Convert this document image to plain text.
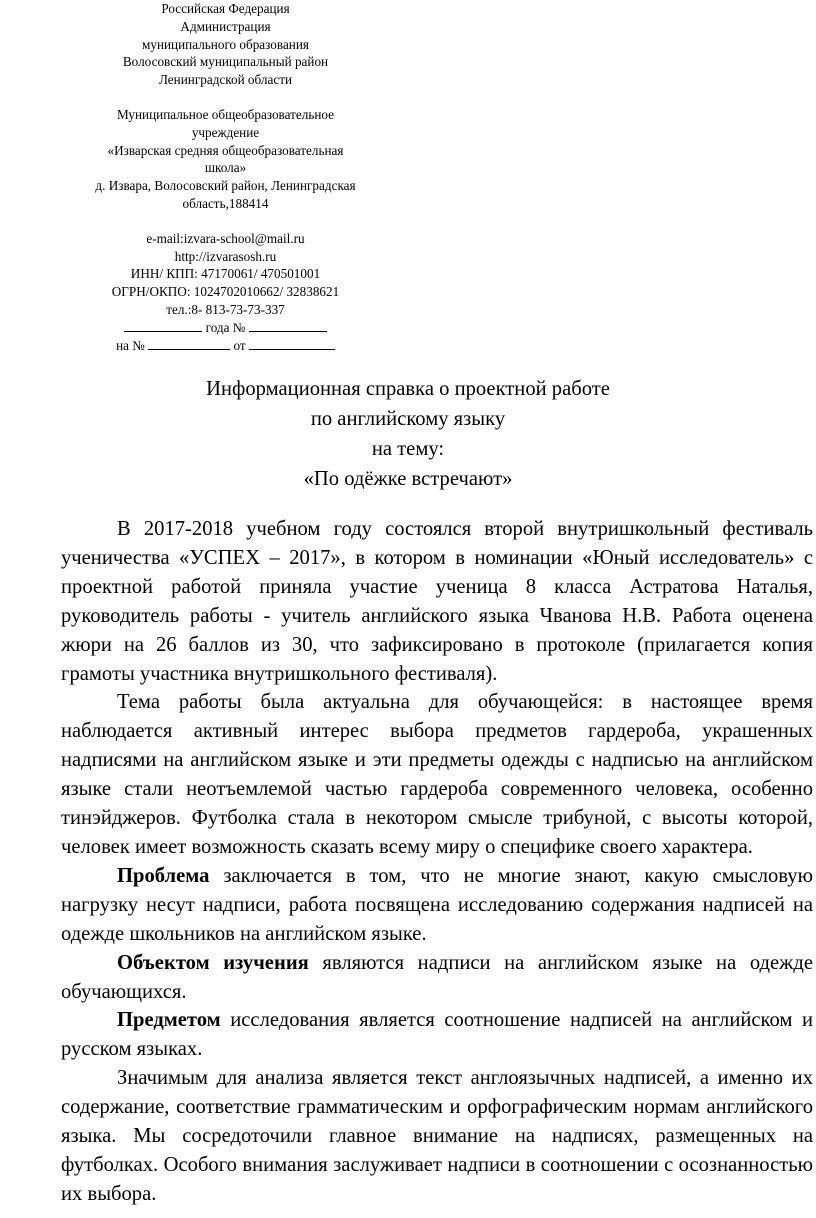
Российская Федерация
Администрация
муниципального образования
Волосовский муниципальный район
Ленинградской области
Муниципальное общеобразовательное учреждение
«Изварская средняя общеобразовательная школа»
д. Извара, Волосовский район, Ленинградская
область,188414
e-mail:izvara-school@mail.ru
http://izvarasosh.ru
ИНН/ КПП: 47170061/ 470501001
ОГРН/ОКПО: 1024702010662/ 32838621
тел.:8- 813-73-73-337
года №
на №	от
Информационная справка о проектной работе
по английскому языку
на тему:
«По одёжке встречают»

В 2017-2018 учебном году состоялся второй внутришкольный фестиваль ученичества «УСПЕХ – 2017», в котором в номинации «Юный исследователь» с проектной работой приняла участие ученица 8 класса Астратова Наталья, руководитель работы - учитель английского языка Чванова Н.В. Работа оценена жюри на 26 баллов из 30, что зафиксировано в протоколе (прилагается копия грамоты участника внутришкольного фестиваля).

Тема работы была актуальна для обучающейся: в настоящее время наблюдается активный интерес выбора предметов гардероба, украшенных надписями на английском языке и эти предметы одежды с надписью на английском языке стали неотъемлемой частью гардероба современного человека, особенно тинэйджеров. Футболка стала в некотором смысле трибуной, с высоты которой, человек имеет возможность сказать всему миру о специфике своего характера.

Проблема заключается в том, что не многие знают, какую смысловую нагрузку несут надписи, работа посвящена исследованию содержания надписей на одежде школьников на английском языке.

Объектом изучения являются надписи на английском языке на одежде обучающихся.

Предметом исследования является соотношение надписей на английском и русском языках.

Значимым для анализа является текст англоязычных надписей, а именно их содержание, соответствие грамматическим и орфографическим нормам английского языка. Мы сосредоточили главное внимание на надписях, размещенных на футболках. Особого внимания заслуживает надписи в соотношении с осознанностью их выбора.
